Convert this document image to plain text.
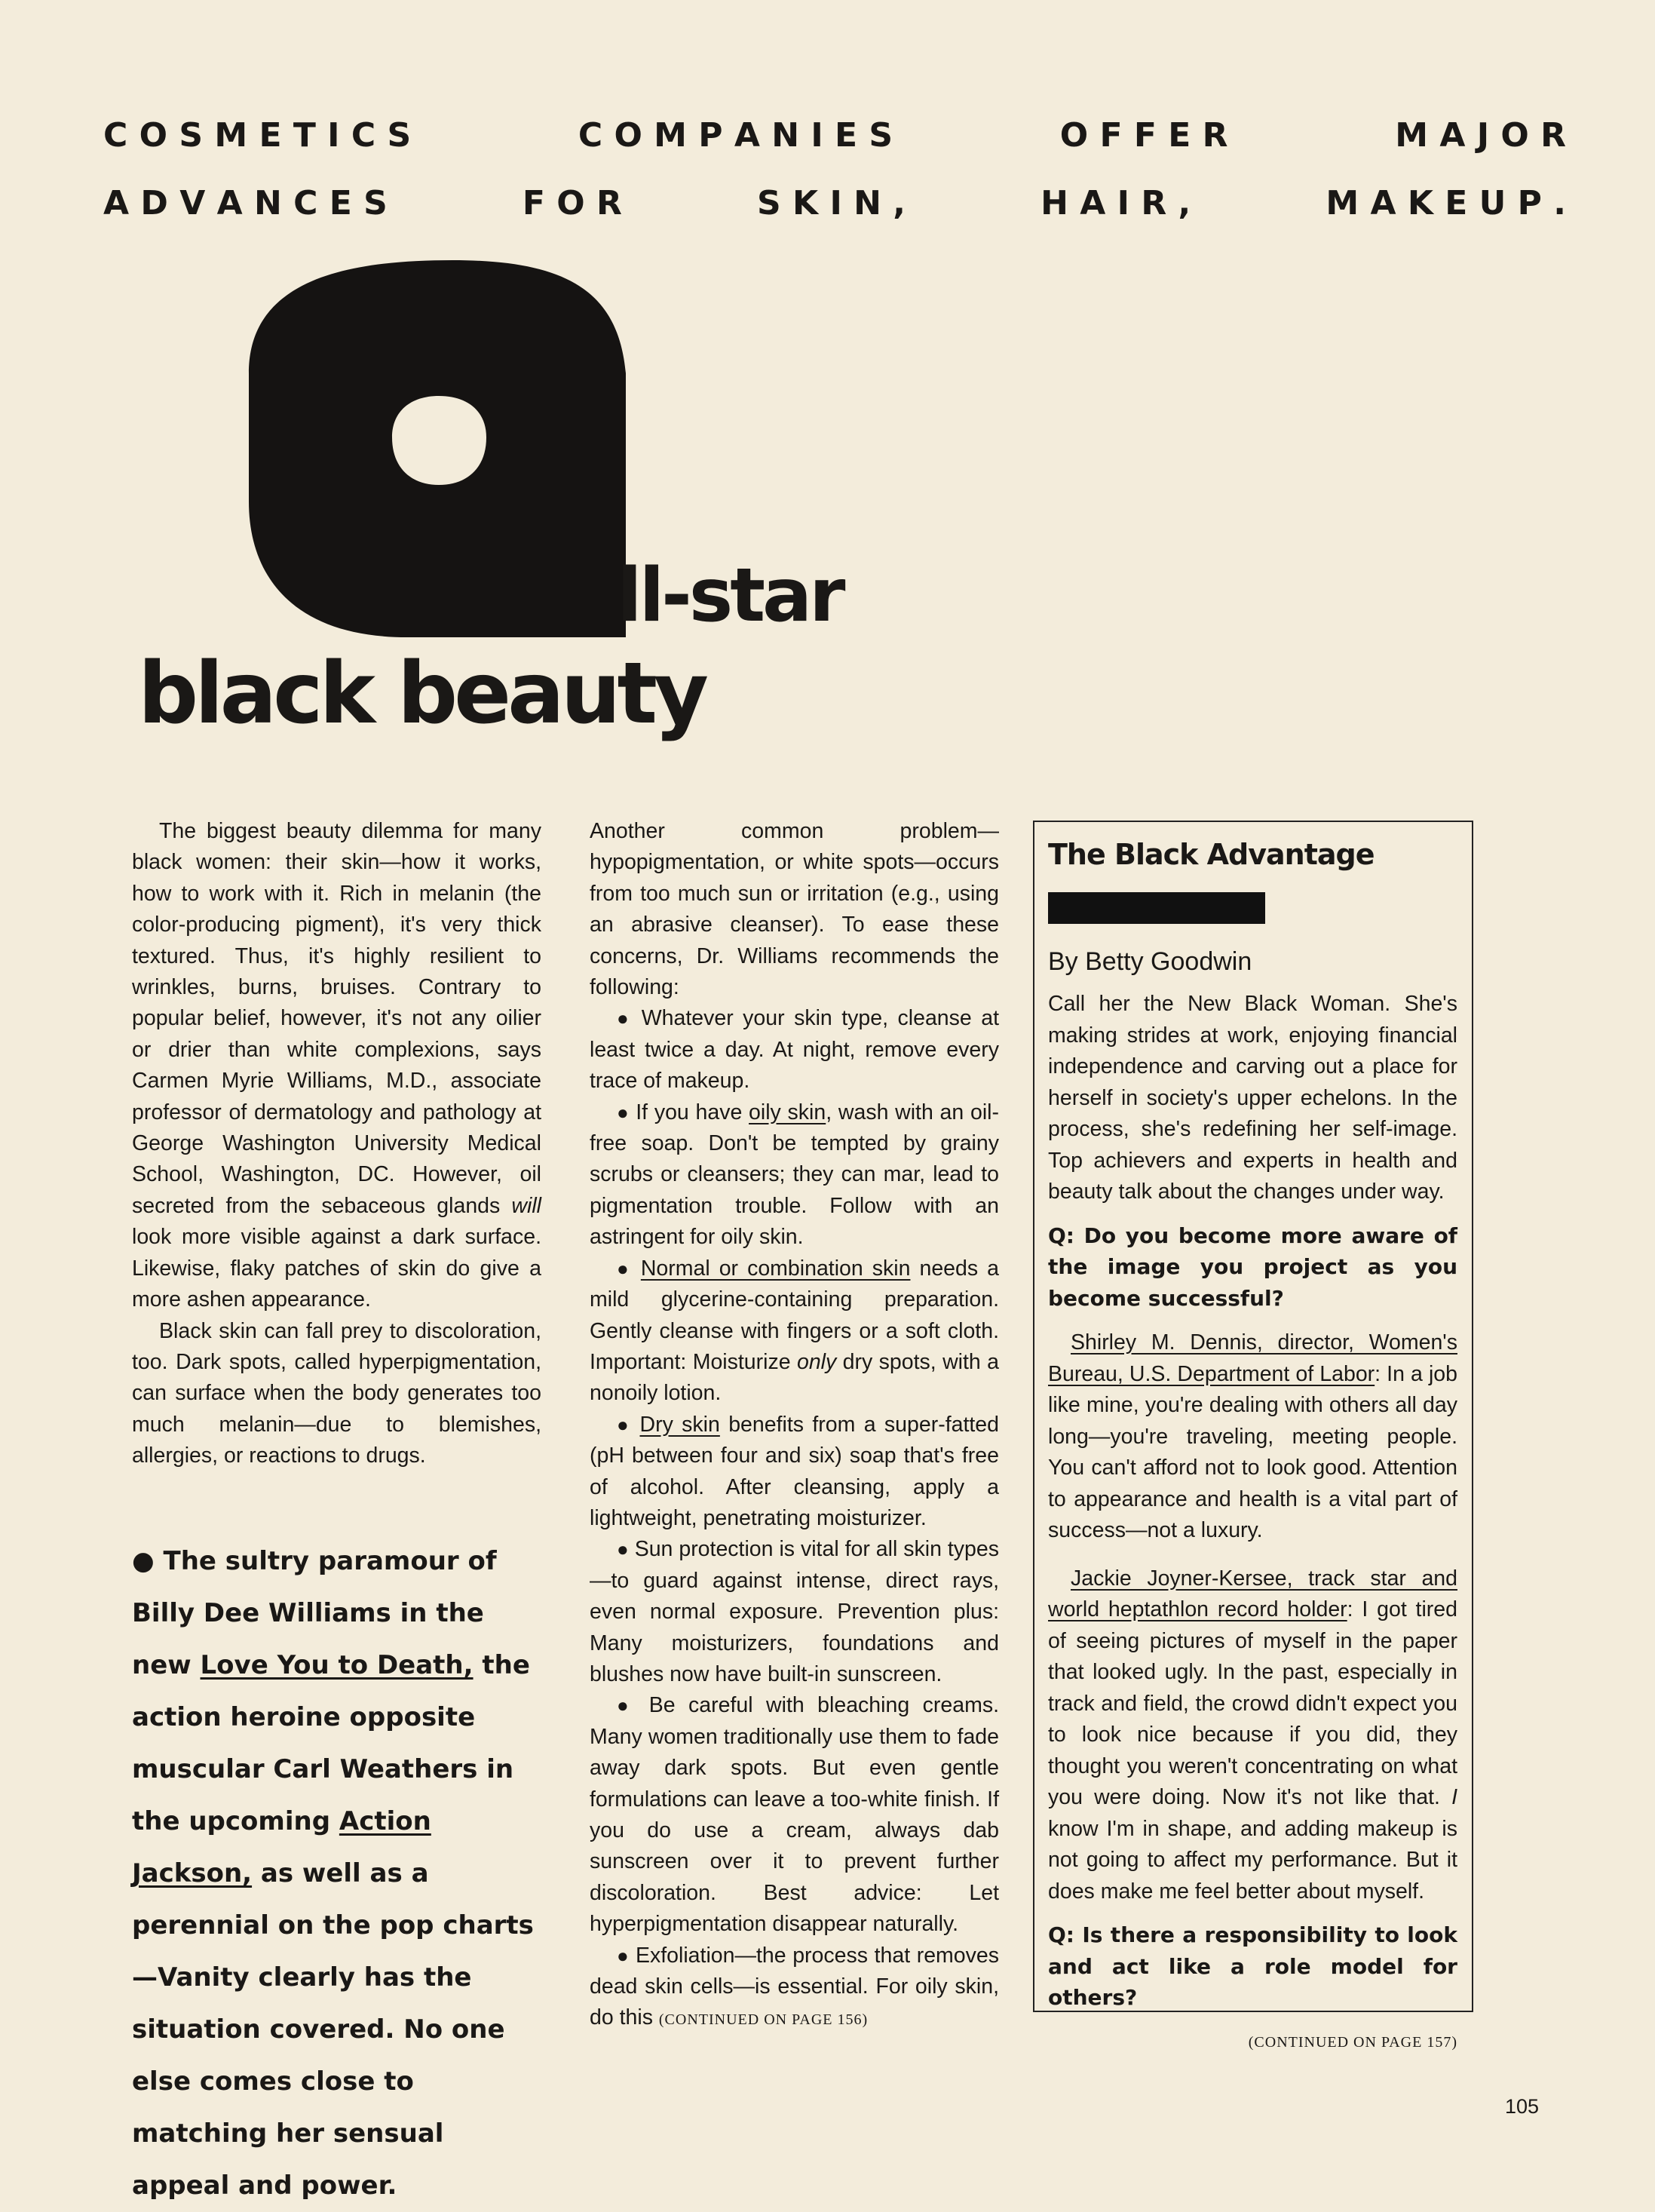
C O S M E T I C S	C O M P A N I E S	O F F E R	M A J O R
A D V A N C E S	F O R	S K I N ,	H A I R ,	M A K E U P .
a
ll-star
black beauty

The biggest beauty dilemma for many black women: their skin—how it works, how to work with it. Rich in melanin (the color-producing pigment), it's very thick textured. Thus, it's highly resilient to wrinkles, burns, bruises. Contrary to popular belief, however, it's not any oilier or drier than white complexions, says Carmen Myrie Williams, M.D., associate professor of dermatology and pathology at George Washington University Medical School, Washington, DC. However, oil secreted from the sebaceous glands will look more visible against a dark surface. Likewise, flaky patches of skin do give a more ashen appearance.

Black skin can fall prey to discoloration, too. Dark spots, called hyperpigmentation, can surface when the body generates too much melanin—due to blemishes, allergies, or reactions to drugs.

● The sultry paramour of Billy Dee Williams in the new Love You to Death, the action heroine opposite muscular Carl Weathers in the upcoming Action Jackson, as well as a perennial on the pop charts—Vanity clearly has the situation covered. No one else comes close to matching her sensual appeal and power.

Another common problem—hypopigmentation, or white spots—occurs from too much sun or irritation (e.g., using an abrasive cleanser). To ease these concerns, Dr. Williams recommends the following:

● Whatever your skin type, cleanse at least twice a day. At night, remove every trace of makeup.

● If you have oily skin, wash with an oil-free soap. Don't be tempted by grainy scrubs or cleansers; they can mar, lead to pigmentation trouble. Follow with an astringent for oily skin.

● Normal or combination skin needs a mild glycerine-containing preparation. Gently cleanse with fingers or a soft cloth. Important: Moisturize only dry spots, with a nonoily lotion.

● Dry skin benefits from a super-fatted (pH between four and six) soap that's free of alcohol. After cleansing, apply a lightweight, penetrating moisturizer.

● Sun protection is vital for all skin types—to guard against intense, direct rays, even normal exposure. Prevention plus: Many moisturizers, foundations and blushes now have built-in sunscreen.

● Be careful with bleaching creams. Many women traditionally use them to fade away dark spots. But even gentle formulations can leave a too-white finish. If you do use a cream, always dab sunscreen over it to prevent further discoloration. Best advice: Let hyperpigmentation disappear naturally.

● Exfoliation—the process that removes dead skin cells—is essential. For oily skin, do this (CONTINUED ON PAGE 156)

The Black Advantage
By Betty Goodwin

Call her the New Black Woman. She's making strides at work, enjoying financial independence and carving out a place for herself in society's upper echelons. In the process, she's redefining her self-image. Top achievers and experts in health and beauty talk about the changes under way.

Q: Do you become more aware of the image you project as you become successful?

Shirley M. Dennis, director, Women's Bureau, U.S. Department of Labor: In a job like mine, you're dealing with others all day long—you're traveling, meeting people. You can't afford not to look good. Attention to appearance and health is a vital part of success—not a luxury.

Jackie Joyner-Kersee, track star and world heptathlon record holder: I got tired of seeing pictures of myself in the paper that looked ugly. In the past, especially in track and field, the crowd didn't expect you to look nice because if you did, they thought you weren't concentrating on what you were doing. Now it's not like that. I know I'm in shape, and adding makeup is not going to affect my performance. But it does make me feel better about myself.

Q: Is there a responsibility to look and act like a role model for others?
(CONTINUED ON PAGE 157)
105
